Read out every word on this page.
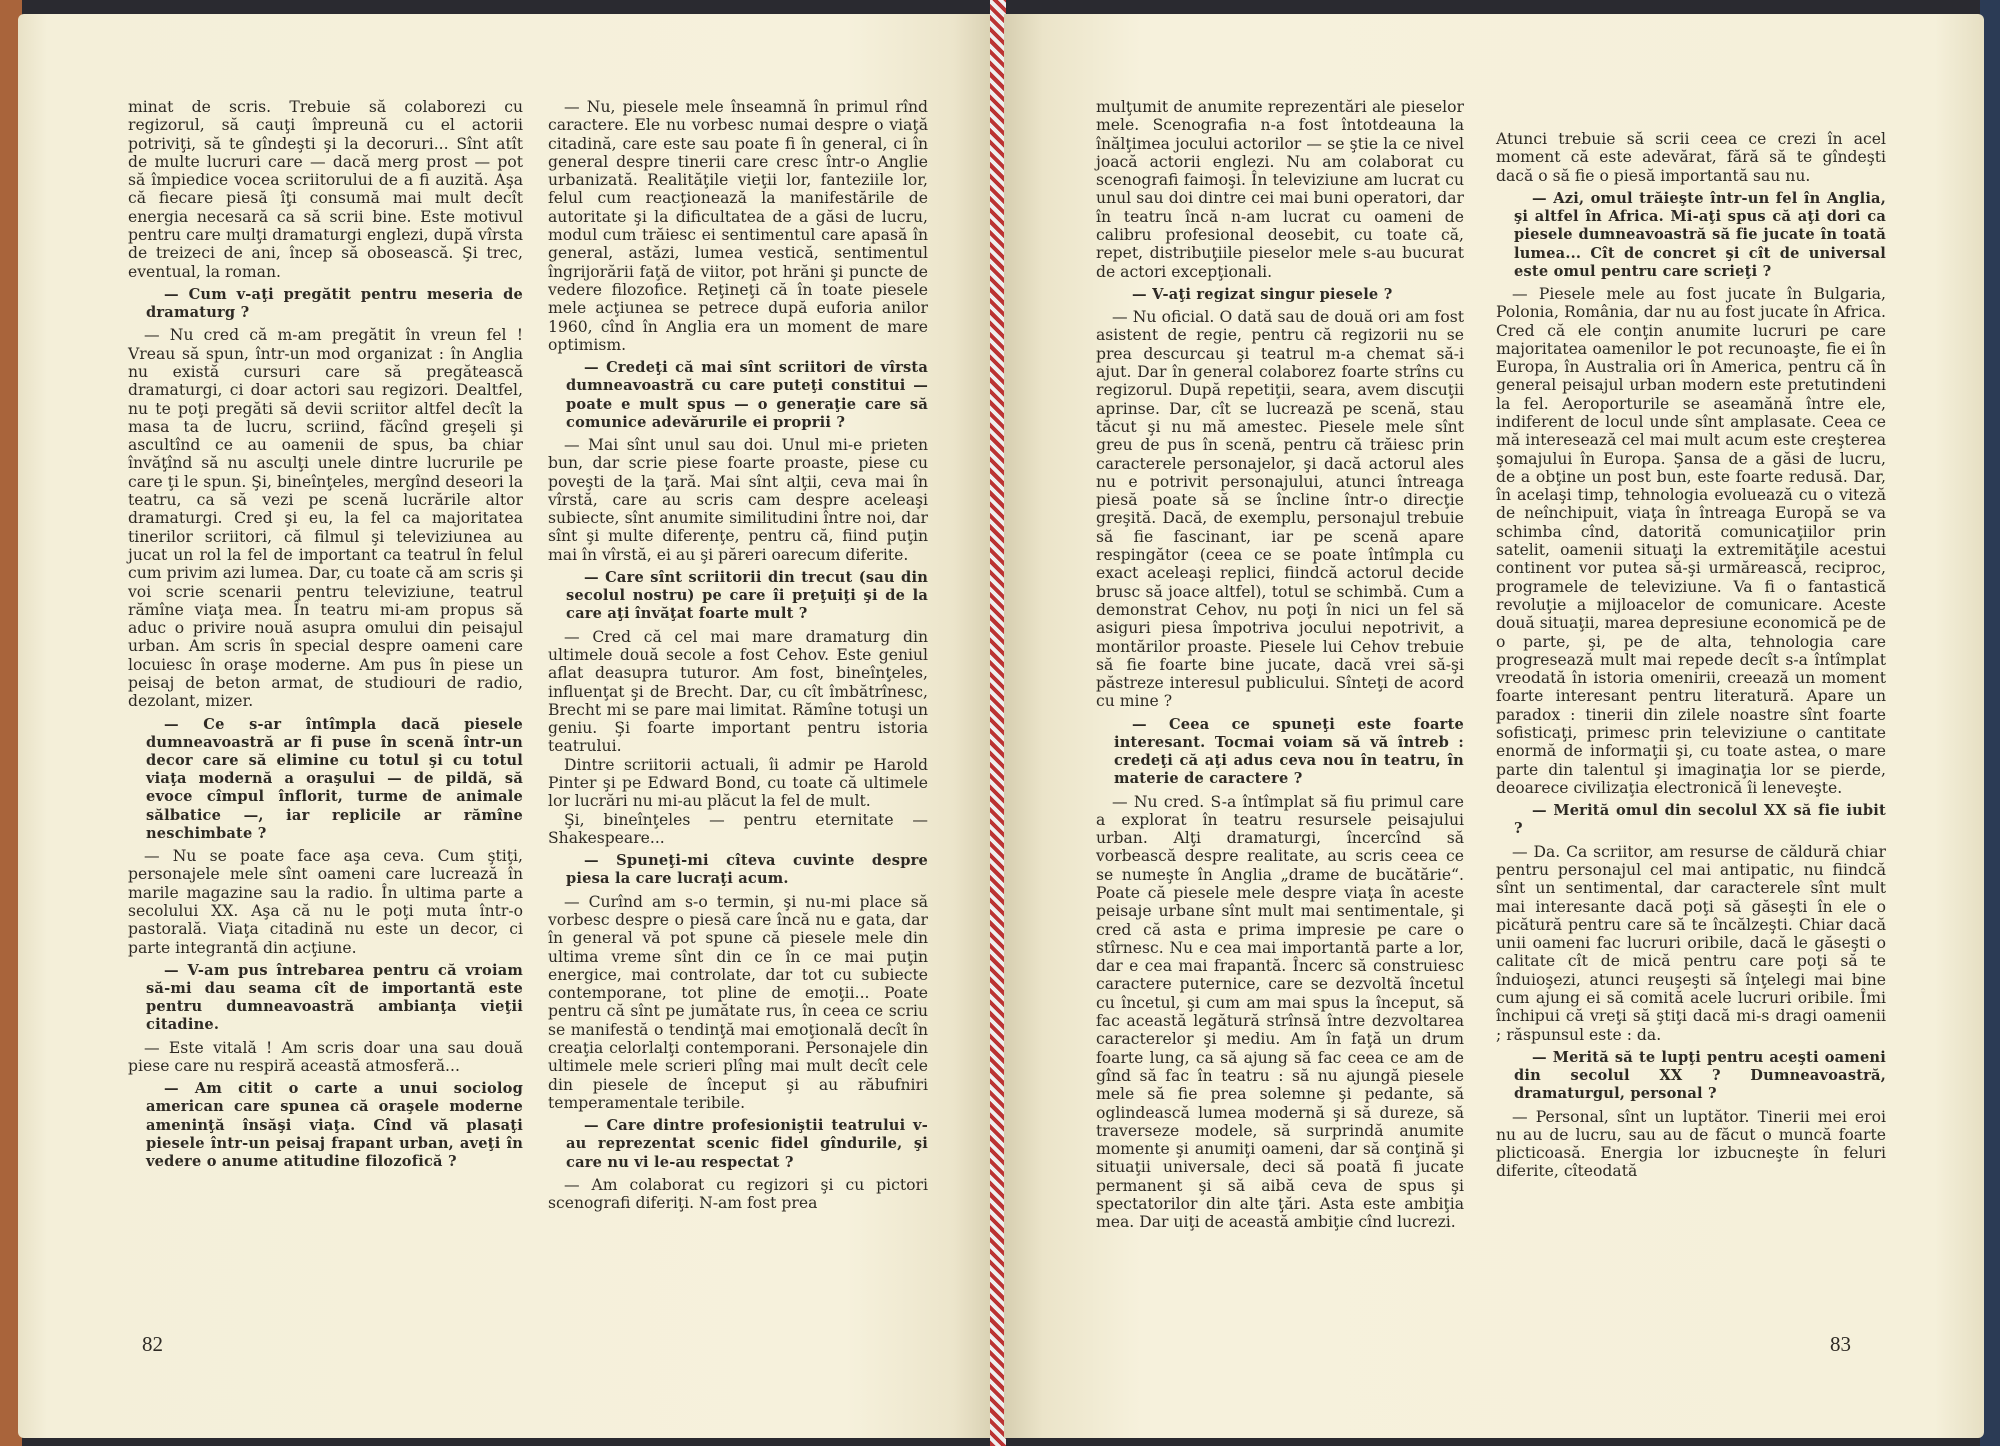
minat de scris. Trebuie să colaborezi cu regizorul, să cauţi împreună cu el actorii potriviţi, să te gîndeşti şi la decoruri... Sînt atît de multe lucruri care — dacă merg prost — pot să împiedice vocea scriitorului de a fi auzită. Aşa că fiecare piesă îţi consumă mai mult decît energia necesară ca să scrii bine. Este motivul pentru care mulţi dramaturgi englezi, după vîrsta de treizeci de ani, încep să obosească. Şi trec, eventual, la roman.

— Cum v-aţi pregătit pentru meseria de dramaturg ?

— Nu cred că m-am pregătit în vreun fel ! Vreau să spun, într-un mod organizat : în Anglia nu există cursuri care să pregătească dramaturgi, ci doar actori sau regizori. Dealtfel, nu te poţi pregăti să devii scriitor altfel decît la masa ta de lucru, scriind, făcînd greşeli şi ascultînd ce au oamenii de spus, ba chiar învăţînd să nu asculţi unele dintre lucrurile pe care ţi le spun. Şi, bineînţeles, mergînd deseori la teatru, ca să vezi pe scenă lucrările altor dramaturgi. Cred şi eu, la fel ca majoritatea tinerilor scriitori, că filmul şi televiziunea au jucat un rol la fel de important ca teatrul în felul cum privim azi lumea. Dar, cu toate că am scris şi voi scrie scenarii pentru televiziune, teatrul rămîne viaţa mea. În teatru mi-am propus să aduc o privire nouă asupra omului din peisajul urban. Am scris în special despre oameni care locuiesc în oraşe moderne. Am pus în piese un peisaj de beton armat, de studiouri de radio, dezolant, mizer.

— Ce s-ar întîmpla dacă piesele dumneavoastră ar fi puse în scenă într-un decor care să elimine cu totul şi cu totul viaţa modernă a oraşului — de pildă, să evoce cîmpul înflorit, turme de animale sălbatice —, iar replicile ar rămîne neschimbate ?

— Nu se poate face aşa ceva. Cum ştiţi, personajele mele sînt oameni care lucrează în marile magazine sau la radio. În ultima parte a secolului XX. Aşa că nu le poţi muta într-o pastorală. Viaţa citadină nu este un decor, ci parte integrantă din acţiune.

— V-am pus întrebarea pentru că vroiam să-mi dau seama cît de importantă este pentru dumneavoastră ambianţa vieţii citadine.

— Este vitală ! Am scris doar una sau două piese care nu respiră această atmosferă...

— Am citit o carte a unui sociolog american care spunea că oraşele moderne ameninţă însăşi viaţa. Cînd vă plasaţi piesele într-un peisaj frapant urban, aveţi în vedere o anume atitudine filozofică ?

— Nu, piesele mele înseamnă în primul rînd caractere. Ele nu vorbesc numai despre o viaţă citadină, care este sau poate fi în general, ci în general despre tinerii care cresc într-o Anglie urbanizată. Realităţile vieţii lor, fanteziile lor, felul cum reacţionează la manifestările de autoritate şi la dificultatea de a găsi de lucru, modul cum trăiesc ei sentimentul care apasă în general, astăzi, lumea vestică, sentimentul îngrijorării faţă de viitor, pot hrăni şi puncte de vedere filozofice. Reţineţi că în toate piesele mele acţiunea se petrece după euforia anilor 1960, cînd în Anglia era un moment de mare optimism.

— Credeţi că mai sînt scriitori de vîrsta dumneavoastră cu care puteţi constitui — poate e mult spus — o generaţie care să comunice adevărurile ei proprii ?

— Mai sînt unul sau doi. Unul mi-e prieten bun, dar scrie piese foarte proaste, piese cu poveşti de la ţară. Mai sînt alţii, ceva mai în vîrstă, care au scris cam despre aceleaşi subiecte, sînt anumite similitudini între noi, dar sînt şi multe diferenţe, pentru că, fiind puţin mai în vîrstă, ei au şi păreri oarecum diferite.

— Care sînt scriitorii din trecut (sau din secolul nostru) pe care îi preţuiţi şi de la care aţi învăţat foarte mult ?

— Cred că cel mai mare dramaturg din ultimele două secole a fost Cehov. Este geniul aflat deasupra tuturor. Am fost, bineînţeles, influenţat şi de Brecht. Dar, cu cît îmbătrînesc, Brecht mi se pare mai limitat. Rămîne totuşi un geniu. Şi foarte important pentru istoria teatrului.

Dintre scriitorii actuali, îi admir pe Harold Pinter şi pe Edward Bond, cu toate că ultimele lor lucrări nu mi-au plăcut la fel de mult.

Şi, bineînţeles — pentru eternitate — Shakespeare...

— Spuneţi-mi cîteva cuvinte despre piesa la care lucraţi acum.

— Curînd am s-o termin, şi nu-mi place să vorbesc despre o piesă care încă nu e gata, dar în general vă pot spune că piesele mele din ultima vreme sînt din ce în ce mai puţin energice, mai controlate, dar tot cu subiecte contemporane, tot pline de emoţii... Poate pentru că sînt pe jumătate rus, în ceea ce scriu se manifestă o tendinţă mai emoţională decît în creaţia celorlalţi contemporani. Personajele din ultimele mele scrieri plîng mai mult decît cele din piesele de început şi au răbufniri temperamentale teribile.

— Care dintre profesioniştii teatrului v-au reprezentat scenic fidel gîndurile, şi care nu vi le-au respectat ?

— Am colaborat cu regizori şi cu pictori scenografi diferiţi. N-am fost prea

82

mulţumit de anumite reprezentări ale pieselor mele. Scenografia n-a fost întotdeauna la înălţimea jocului actorilor — se ştie la ce nivel joacă actorii englezi. Nu am colaborat cu scenografi faimoşi. În televiziune am lucrat cu unul sau doi dintre cei mai buni operatori, dar în teatru încă n-am lucrat cu oameni de calibru profesional deosebit, cu toate că, repet, distribuţiile pieselor mele s-au bucurat de actori excepţionali.

— V-aţi regizat singur piesele ?

— Nu oficial. O dată sau de două ori am fost asistent de regie, pentru că regizorii nu se prea descurcau şi teatrul m-a chemat să-i ajut. Dar în general colaborez foarte strîns cu regizorul. După repetiţii, seara, avem discuţii aprinse. Dar, cît se lucrează pe scenă, stau tăcut şi nu mă amestec. Piesele mele sînt greu de pus în scenă, pentru că trăiesc prin caracterele personajelor, şi dacă actorul ales nu e potrivit personajului, atunci întreaga piesă poate să se încline într-o direcţie greşită. Dacă, de exemplu, personajul trebuie să fie fascinant, iar pe scenă apare respingător (ceea ce se poate întîmpla cu exact aceleaşi replici, fiindcă actorul decide brusc să joace altfel), totul se schimbă. Cum a demonstrat Cehov, nu poţi în nici un fel să asiguri piesa împotriva jocului nepotrivit, a montărilor proaste. Piesele lui Cehov trebuie să fie foarte bine jucate, dacă vrei să-şi păstreze interesul publicului. Sînteţi de acord cu mine ?

— Ceea ce spuneţi este foarte interesant. Tocmai voiam să vă întreb : credeţi că aţi adus ceva nou în teatru, în materie de caractere ?

— Nu cred. S-a întîmplat să fiu primul care a explorat în teatru resursele peisajului urban. Alţi dramaturgi, încercînd să vorbească despre realitate, au scris ceea ce se numeşte în Anglia „drame de bucătărie“. Poate că piesele mele despre viaţa în aceste peisaje urbane sînt mult mai sentimentale, şi cred că asta e prima impresie pe care o stîrnesc. Nu e cea mai importantă parte a lor, dar e cea mai frapantă. Încerc să construiesc caractere puternice, care se dezvoltă încetul cu încetul, şi cum am mai spus la început, să fac această legătură strînsă între dezvoltarea caracterelor şi mediu. Am în faţă un drum foarte lung, ca să ajung să fac ceea ce am de gînd să fac în teatru : să nu ajungă piesele mele să fie prea solemne şi pedante, să oglindească lumea modernă şi să dureze, să traverseze modele, să surprindă anumite momente şi anumiţi oameni, dar să conţină şi situaţii universale, deci să poată fi jucate permanent şi să aibă ceva de spus şi spectatorilor din alte ţări. Asta este ambiţia mea. Dar uiţi de această ambiţie cînd lucrezi.

Atunci trebuie să scrii ceea ce crezi în acel moment că este adevărat, fără să te gîndeşti dacă o să fie o piesă importantă sau nu.

— Azi, omul trăieşte într-un fel în Anglia, şi altfel în Africa. Mi-aţi spus că aţi dori ca piesele dumneavoastră să fie jucate în toată lumea... Cît de concret şi cît de universal este omul pentru care scrieţi ?

— Piesele mele au fost jucate în Bulgaria, Polonia, România, dar nu au fost jucate în Africa. Cred că ele conţin anumite lucruri pe care majoritatea oamenilor le pot recunoaşte, fie ei în Europa, în Australia ori în America, pentru că în general peisajul urban modern este pretutindeni la fel. Aeroporturile se aseamănă între ele, indiferent de locul unde sînt amplasate. Ceea ce mă interesează cel mai mult acum este creşterea şomajului în Europa. Şansa de a găsi de lucru, de a obţine un post bun, este foarte redusă. Dar, în acelaşi timp, tehnologia evoluează cu o viteză de neînchipuit, viaţa în întreaga Europă se va schimba cînd, datorită comunicaţiilor prin satelit, oamenii situaţi la extremităţile acestui continent vor putea să-şi urmărească, reciproc, programele de televiziune. Va fi o fantastică revoluţie a mijloacelor de comunicare. Aceste două situaţii, marea depresiune economică pe de o parte, şi, pe de alta, tehnologia care progresează mult mai repede decît s-a întîmplat vreodată în istoria omenirii, creează un moment foarte interesant pentru literatură. Apare un paradox : tinerii din zilele noastre sînt foarte sofisticaţi, primesc prin televiziune o cantitate enormă de informaţii şi, cu toate astea, o mare parte din talentul şi imaginaţia lor se pierde, deoarece civilizaţia electronică îi leneveşte.

— Merită omul din secolul XX să fie iubit ?

— Da. Ca scriitor, am resurse de căldură chiar pentru personajul cel mai antipatic, nu fiindcă sînt un sentimental, dar caracterele sînt mult mai interesante dacă poţi să găseşti în ele o picătură pentru care să te încălzeşti. Chiar dacă unii oameni fac lucruri oribile, dacă le găseşti o calitate cît de mică pentru care poţi să te înduioşezi, atunci reuşeşti să înţelegi mai bine cum ajung ei să comită acele lucruri oribile. Îmi închipui că vreţi să ştiţi dacă mi-s dragi oamenii ; răspunsul este : da.

— Merită să te lupţi pentru aceşti oameni din secolul XX ? Dumneavoastră, dramaturgul, personal ?

— Personal, sînt un luptător. Tinerii mei eroi nu au de lucru, sau au de făcut o muncă foarte plicticoasă. Energia lor izbucneşte în feluri diferite, cîteodată

83
